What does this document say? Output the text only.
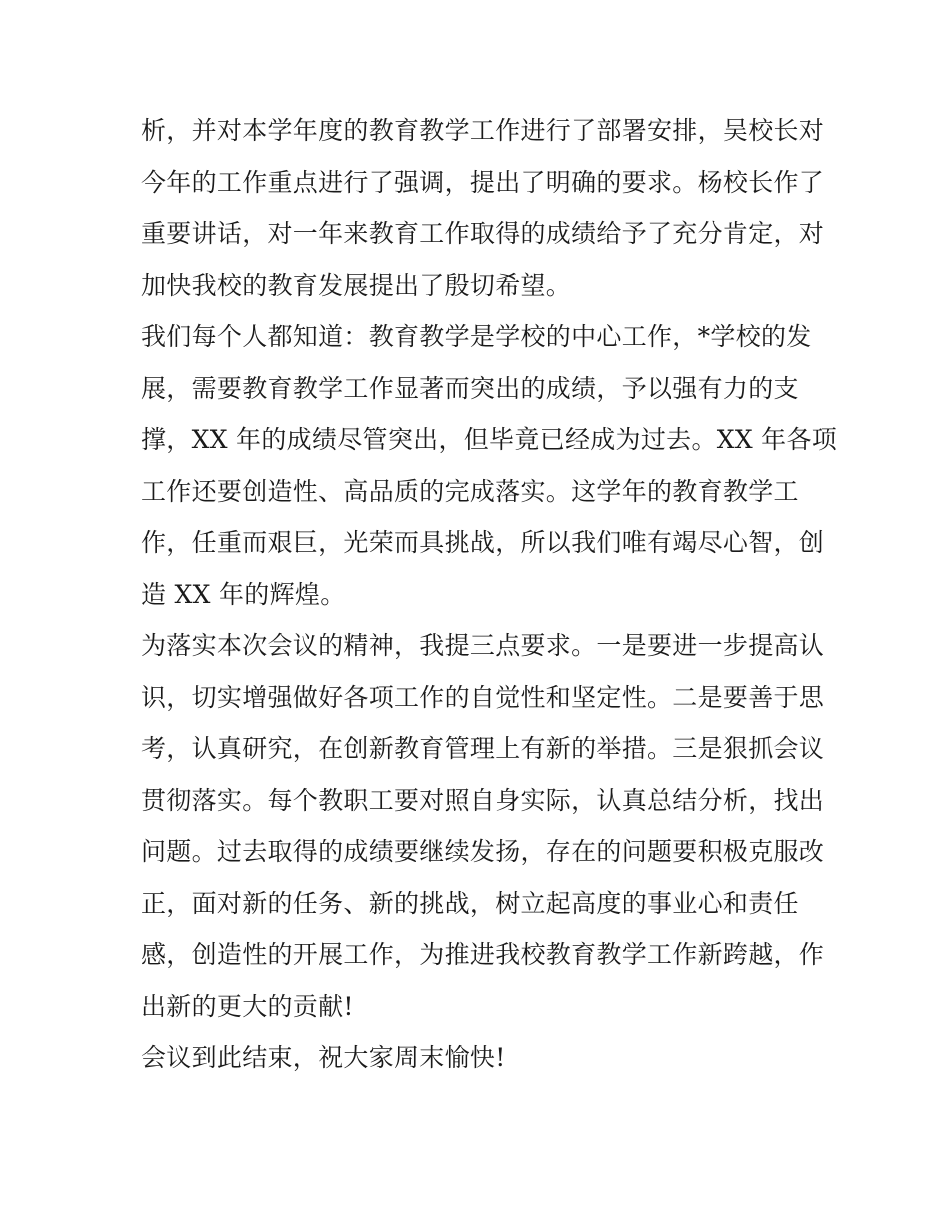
析，并对本学年度的教育教学工作进行了部署安排，吴校长对
今年的工作重点进行了强调，提出了明确的要求。杨校长作了
重要讲话，对一年来教育工作取得的成绩给予了充分肯定，对
加快我校的教育发展提出了殷切希望。
我们每个人都知道：教育教学是学校的中心工作，*学校的发
展，需要教育教学工作显著而突出的成绩，予以强有力的支
撑，XX 年的成绩尽管突出，但毕竟已经成为过去。XX 年各项
工作还要创造性、高品质的完成落实。这学年的教育教学工
作，任重而艰巨，光荣而具挑战，所以我们唯有竭尽心智，创
造 XX 年的辉煌。
为落实本次会议的精神，我提三点要求。一是要进一步提高认
识，切实增强做好各项工作的自觉性和坚定性。二是要善于思
考，认真研究，在创新教育管理上有新的举措。三是狠抓会议
贯彻落实。每个教职工要对照自身实际，认真总结分析，找出
问题。过去取得的成绩要继续发扬，存在的问题要积极克服改
正，面对新的任务、新的挑战，树立起高度的事业心和责任
感，创造性的开展工作，为推进我校教育教学工作新跨越，作
出新的更大的贡献!
会议到此结束，祝大家周末愉快!
